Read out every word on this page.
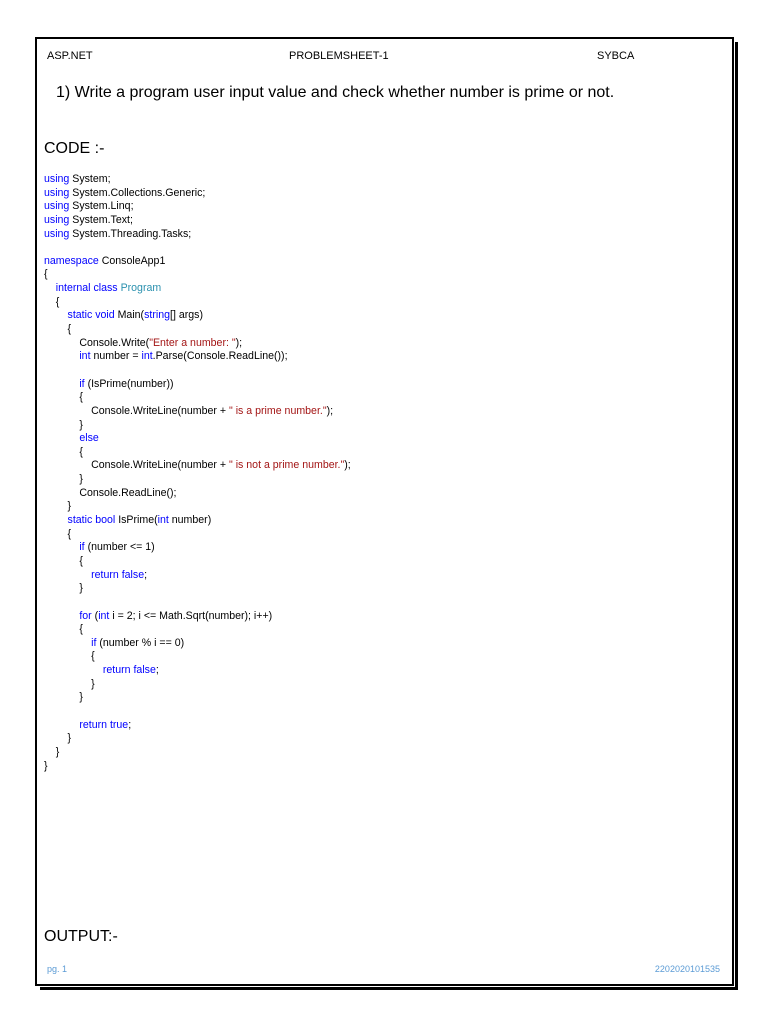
ASP.NET	PROBLEMSHEET-1	SYBCA
1) Write a program user input value and check whether number is prime or not.
CODE :-
using System;
using System.Collections.Generic;
using System.Linq;
using System.Text;
using System.Threading.Tasks;

namespace ConsoleApp1
{
internal class Program
{
static void Main(string[] args)
{
Console.Write("Enter a number: ");
int number = int.Parse(Console.ReadLine());

if (IsPrime(number))
{
Console.WriteLine(number + " is a prime number.");
}
else
{
Console.WriteLine(number + " is not a prime number.");
}
Console.ReadLine();
}
static bool IsPrime(int number)
{
if (number <= 1)
{
return false;
}

for (int i = 2; i <= Math.Sqrt(number); i++)
{
if (number % i == 0)
{
return false;
}
}

return true;
}
}
}
OUTPUT:-
pg. 1	2202020101535
